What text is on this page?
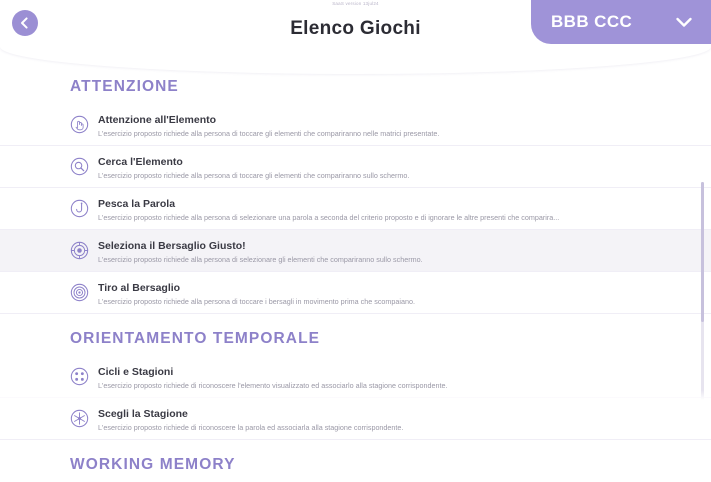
SaaS version 13jul24
Elenco Giochi	BBB CCC
ATTENZIONE
Attenzione all'Elemento
L'esercizio proposto richiede alla persona di toccare gli elementi che compariranno nelle matrici presentate.
Cerca l'Elemento
L'esercizio proposto richiede alla persona di toccare gli elementi che compariranno sullo schermo.
Pesca la Parola
L'esercizio proposto richiede alla persona di selezionare una parola a seconda del criterio proposto e di ignorare le altre presenti che comparira...
Seleziona il Bersaglio Giusto!
L'esercizio proposto richiede alla persona di selezionare gli elementi che compariranno sullo schermo.
Tiro al Bersaglio
L'esercizio proposto richiede alla persona di toccare i bersagli in movimento prima che scompaiano.
ORIENTAMENTO TEMPORALE
Cicli e Stagioni
L'esercizio proposto richiede di riconoscere l'elemento visualizzato ed associarlo alla stagione corrispondente.
Scegli la Stagione
L'esercizio proposto richiede di riconoscere la parola ed associarla alla stagione corrispondente.
WORKING MEMORY
